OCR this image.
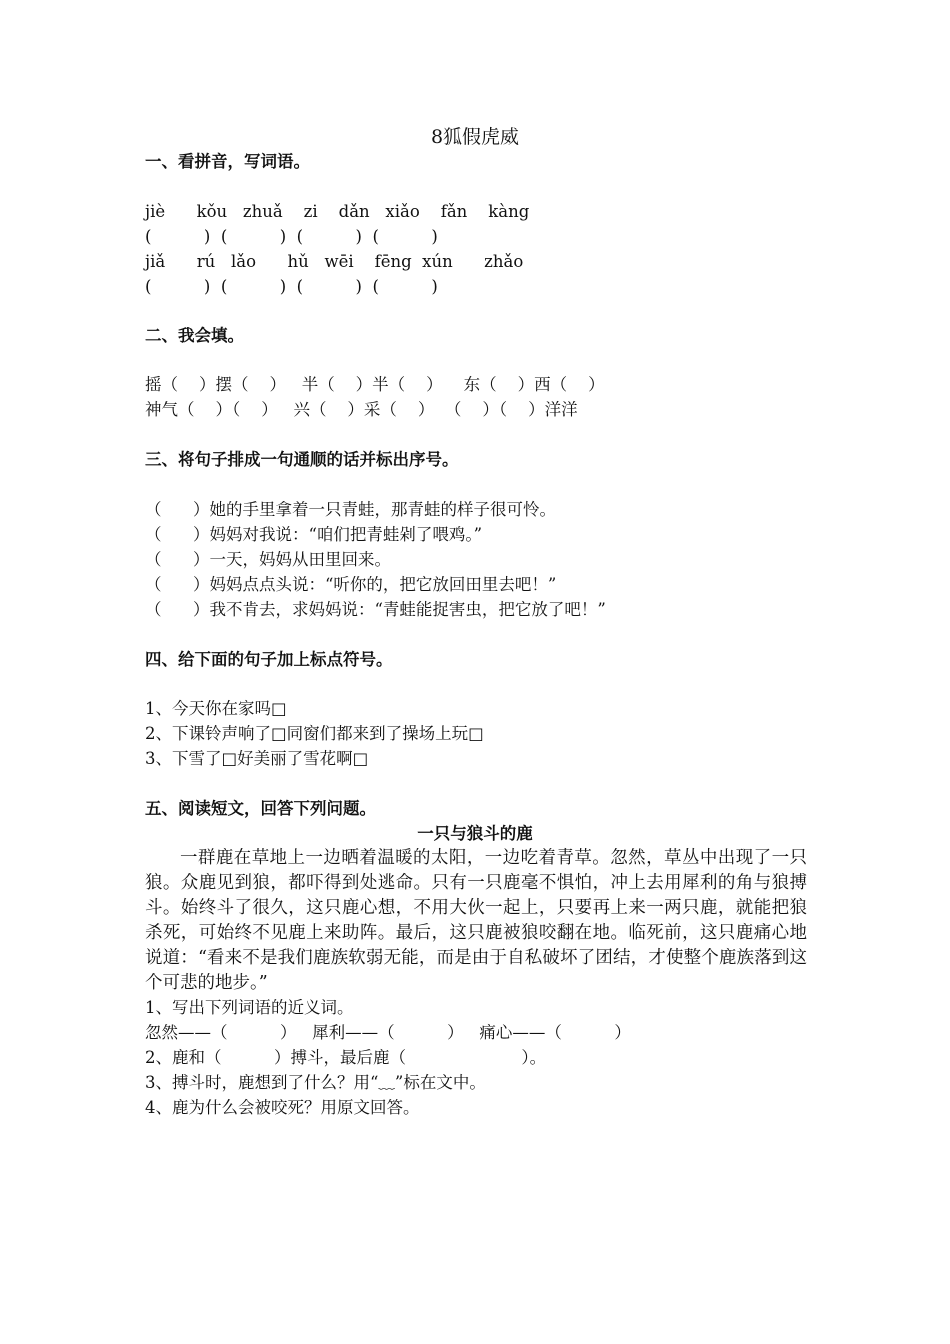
8狐假虎威
一、看拼音，写词语。
jiè      kǒu   zhuǎ    zi    dǎn   xiǎo    fǎn    kàng
(          )  (          )  (          )  (          )
jiǎ      rú   lǎo      hǔ   wēi    fēng  xún      zhǎo
(          )  (          )  (          )  (          )
二、我会填。
摇（    ）摆（    ）   半（    ）半（    ）    东（    ）西（    ）
神气（    ）（    ）   兴（    ）采（    ）  （    ）（    ）洋洋
三、将句子排成一句通顺的话并标出序号。
（      ）她的手里拿着一只青蛙，那青蛙的样子很可怜。
（      ）妈妈对我说：“咱们把青蛙剁了喂鸡。”
（      ）一天，妈妈从田里回来。
（      ）妈妈点点头说：“听你的，把它放回田里去吧！”
（      ）我不肯去，求妈妈说：“青蛙能捉害虫，把它放了吧！”
四、给下面的句子加上标点符号。
1、今天你在家吗□
2、下课铃声响了□同窗们都来到了操场上玩□
3、下雪了□好美丽了雪花啊□
五、阅读短文，回答下列问题。
一只与狼斗的鹿
一群鹿在草地上一边晒着温暖的太阳，一边吃着青草。忽然，草丛中出现了一只狼。众鹿见到狼，都吓得到处逃命。只有一只鹿毫不惧怕，冲上去用犀利的角与狼搏斗。始终斗了很久，这只鹿心想，不用大伙一起上，只要再上来一两只鹿，就能把狼杀死，可始终不见鹿上来助阵。最后，这只鹿被狼咬翻在地。临死前，这只鹿痛心地说道：“看来不是我们鹿族软弱无能，而是由于自私破坏了团结，才使整个鹿族落到这个可悲的地步。”
1、写出下列词语的近义词。
忽然——（          ）   犀利——（          ）   痛心——（          ）
2、鹿和（          ）搏斗，最后鹿（                      ）。
3、搏斗时，鹿想到了什么？用“﹏”标在文中。
4、鹿为什么会被咬死？用原文回答。
